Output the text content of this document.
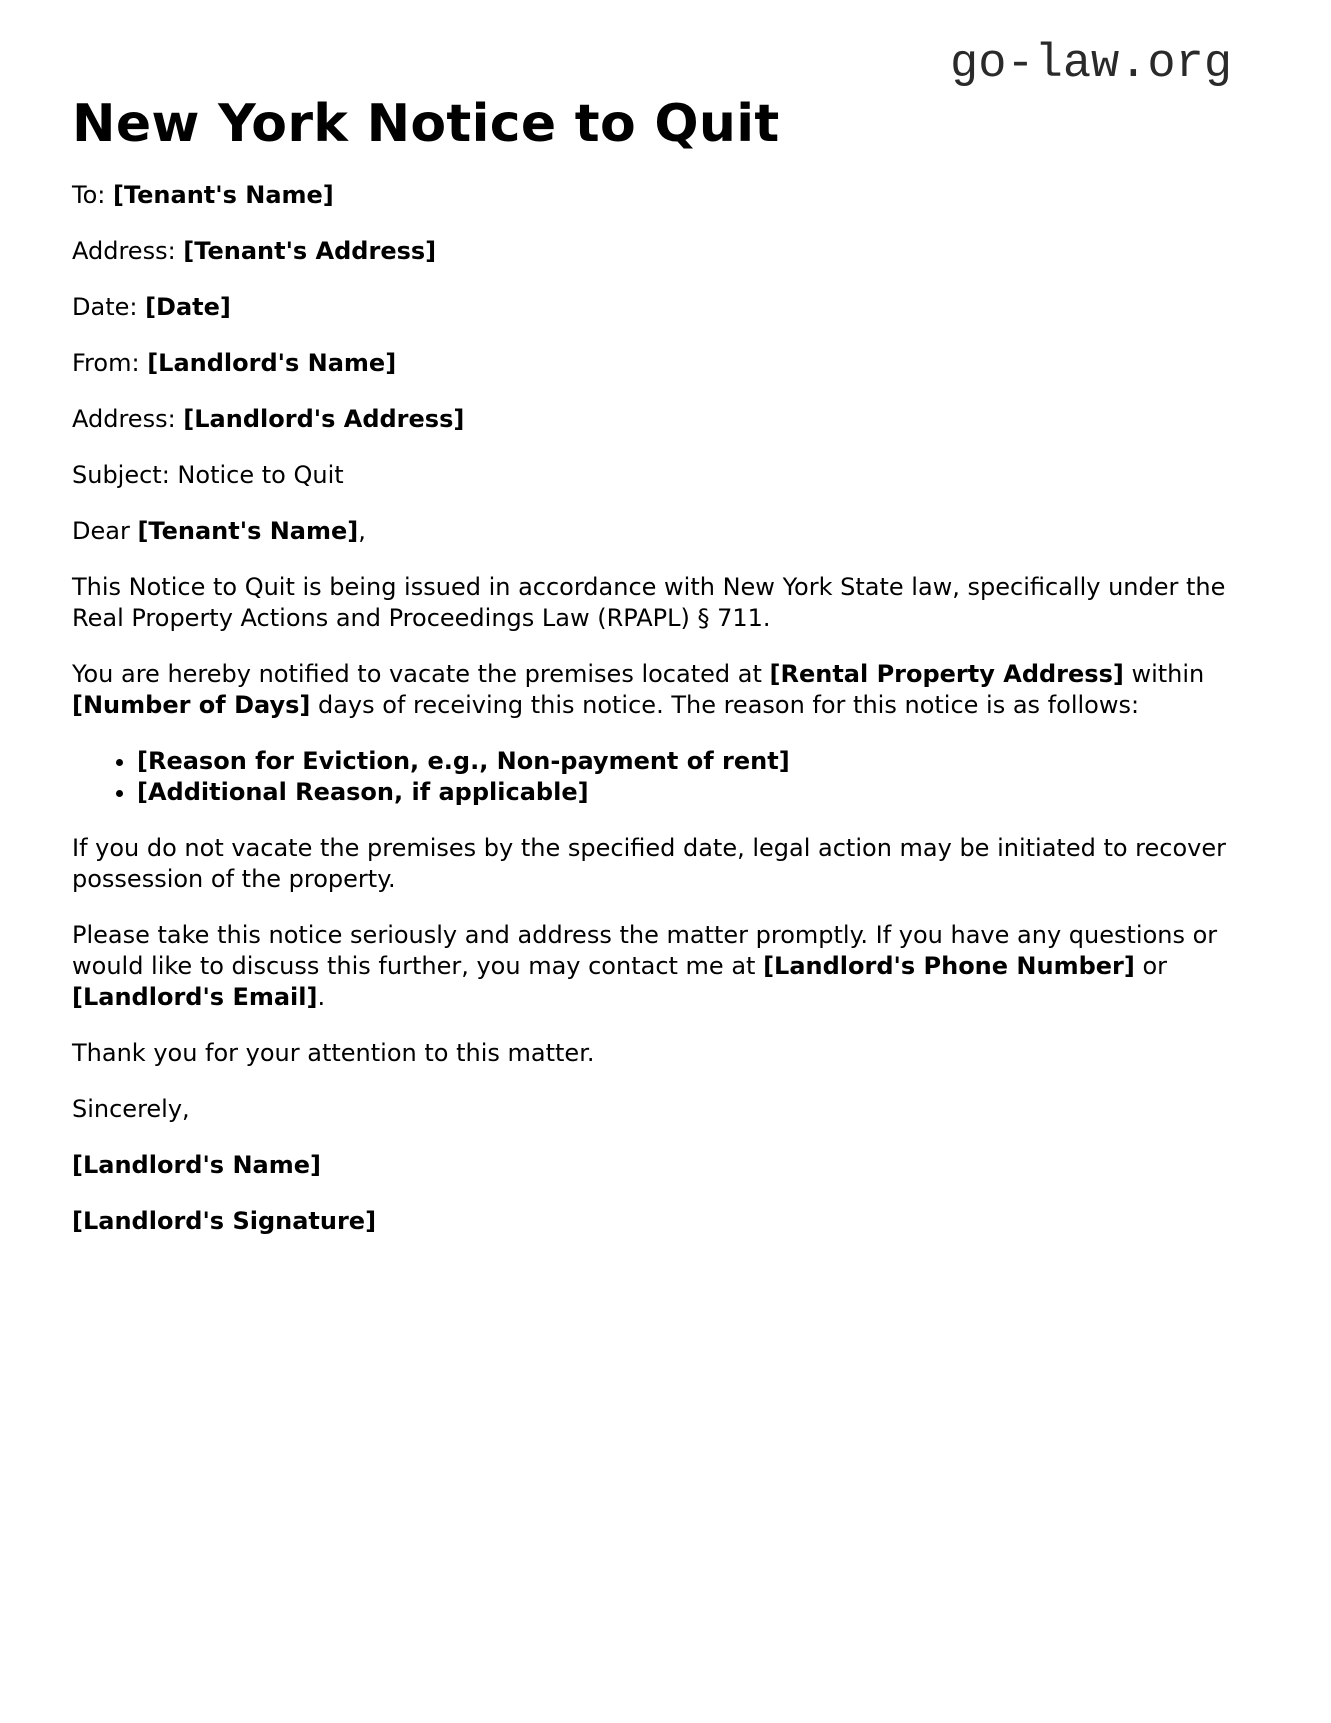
go-law.org
New York Notice to Quit

To: [Tenant's Name]

Address: [Tenant's Address]

Date: [Date]

From: [Landlord's Name]

Address: [Landlord's Address]

Subject: Notice to Quit

Dear [Tenant's Name],

This Notice to Quit is being issued in accordance with New York State law, specifically under the Real Property Actions and Proceedings Law (RPAPL) § 711.

You are hereby notified to vacate the premises located at [Rental Property Address] within [Number of Days] days of receiving this notice. The reason for this notice is as follows:

• [Reason for Eviction, e.g., Non-payment of rent]
• [Additional Reason, if applicable]

If you do not vacate the premises by the specified date, legal action may be initiated to recover possession of the property.

Please take this notice seriously and address the matter promptly. If you have any questions or would like to discuss this further, you may contact me at [Landlord's Phone Number] or [Landlord's Email].

Thank you for your attention to this matter.

Sincerely,

[Landlord's Name]

[Landlord's Signature]
